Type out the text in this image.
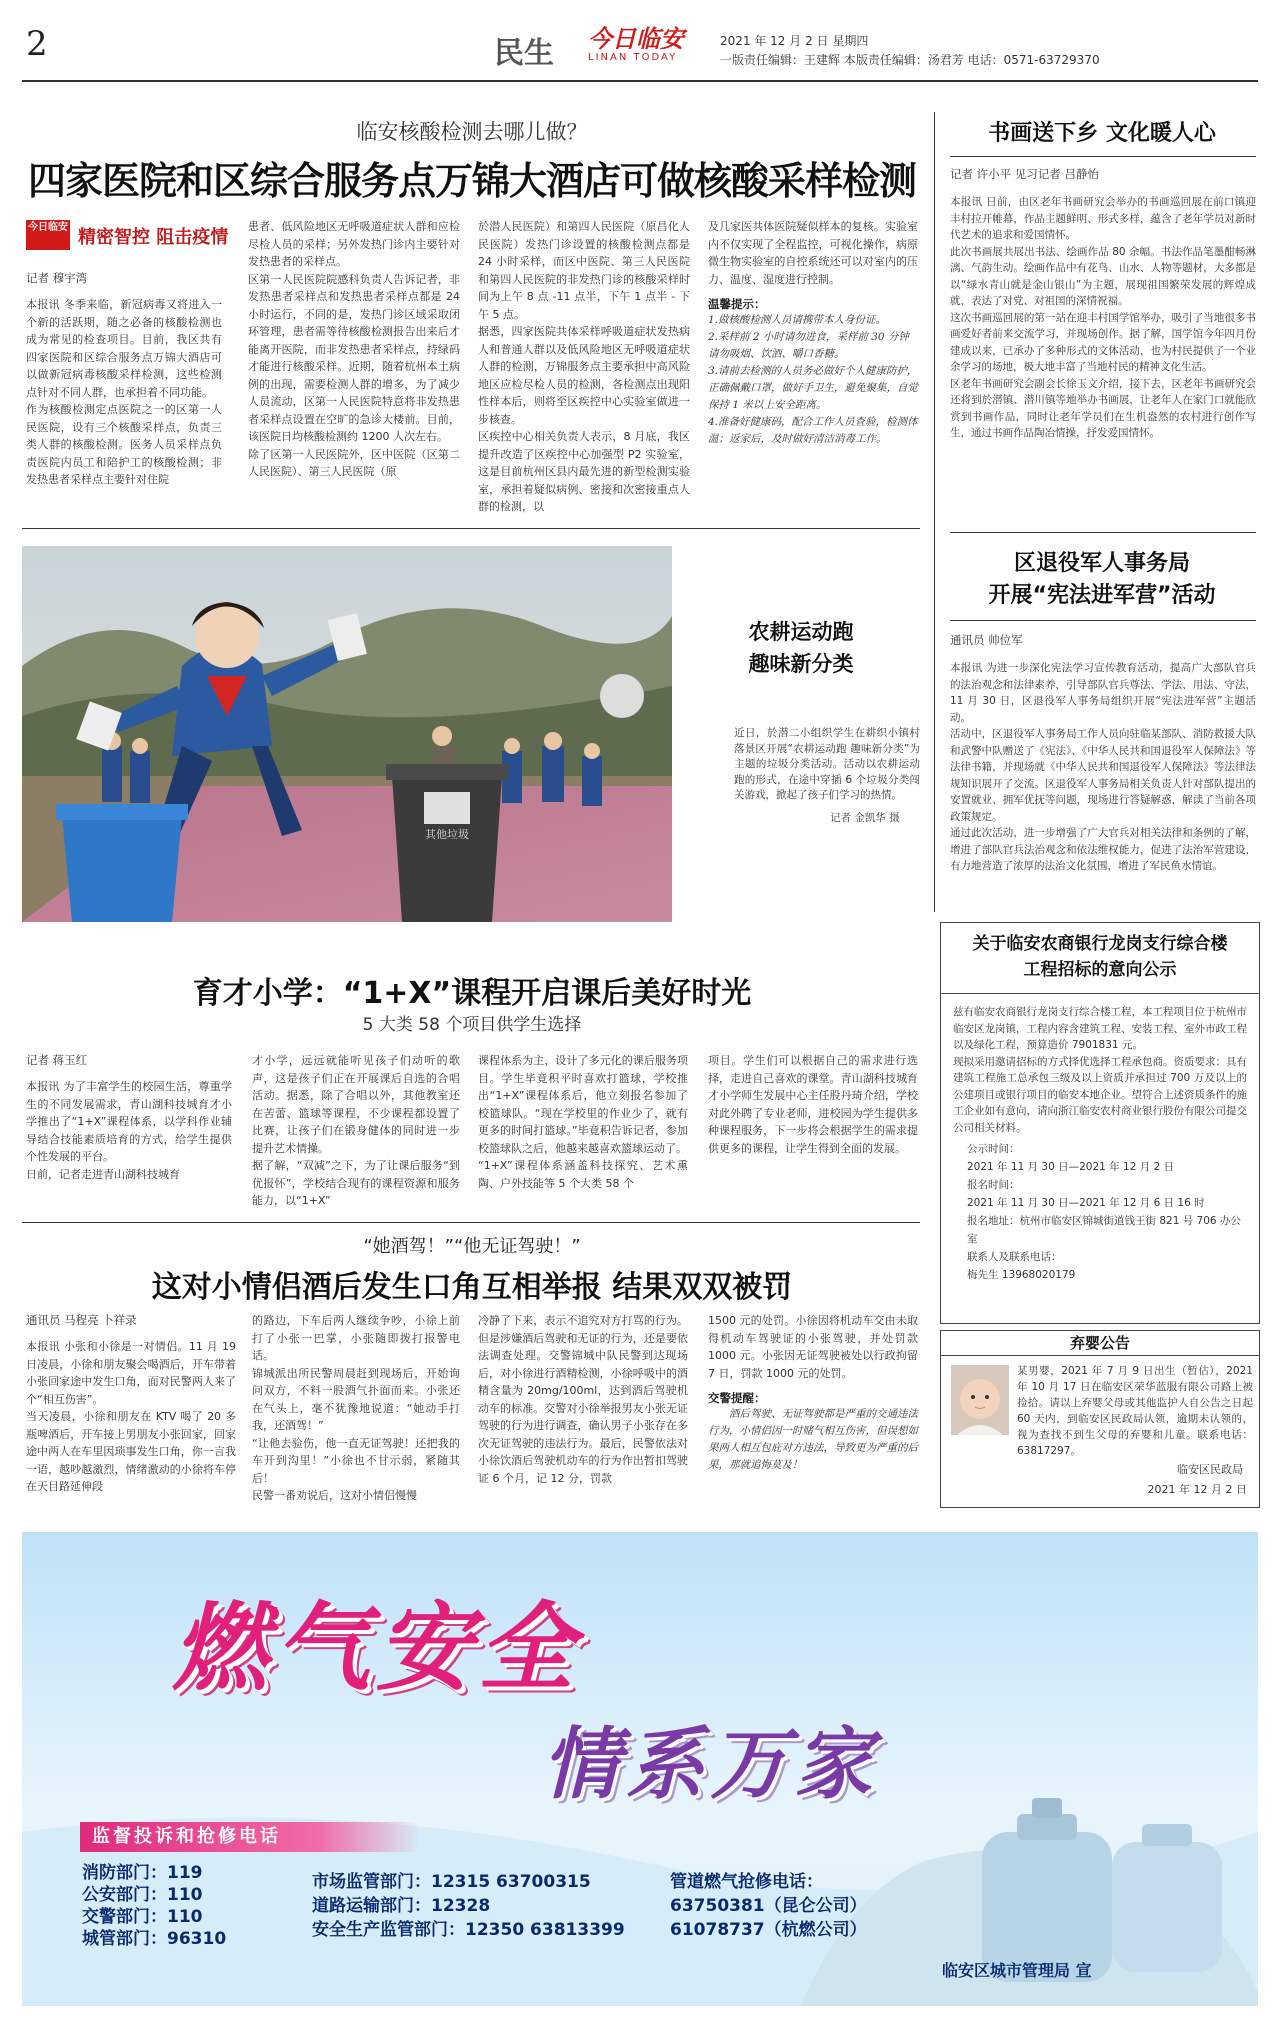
2	民生 今日临安
LINAN TODAY
2021 年 12 月 2 日 星期四
一版责任编辑：王建辉 本版责任编辑：汤君芳 电话：0571-63729370
临安核酸检测去哪儿做？
四家医院和区综合服务点万锦大酒店可做核酸采样检测
今日临安 精密智控 阻击疫情
记者 穆宇湾
本报讯 冬季来临，新冠病毒又将进入一个新的活跃期，随之必备的核酸检测也成为常见的检查项目。目前，我区共有四家医院和区综合服务点万锦大酒店可以做新冠病毒核酸采样检测，这些检测点针对不同人群，也承担着不同功能。
作为核酸检测定点医院之一的区第一人民医院，设有三个核酸采样点，负责三类人群的核酸检测。医务人员采样点负责医院内员工和陪护工的核酸检测；非发热患者采样点主要针对住院
患者、低风险地区无呼吸道症状人群和应检尽检人员的采样；另外发热门诊内主要针对发热患者的采样点。
区第一人民医院院感科负责人告诉记者，非发热患者采样点和发热患者采样点都是 24 小时运行，不同的是，发热门诊区域采取闭环管理，患者需等待核酸检测报告出来后才能离开医院，而非发热患者采样点，持绿码才能进行核酸采样。近期，随着杭州本土病例的出现，需要检测人群的增多，为了减少人员流动，区第一人民医院特意将非发热患者采样点设置在空旷的急诊大楼前。目前，该医院日均核酸检测约 1200 人次左右。
除了区第一人民医院外，区中医院（区第二人民医院）、第三人民医院（原
於潜人民医院）和第四人民医院（原昌化人民医院）发热门诊设置的核酸检测点都是 24 小时采样，而区中医院、第三人民医院和第四人民医院的非发热门诊的核酸采样时间为上午 8 点 -11 点半，下午 1 点半 - 下午 5 点。
据悉，四家医院共体采样呼吸道症状发热病人和普通人群以及低风险地区无呼吸道症状人群的检测，万锦服务点主要承担中高风险地区应检尽检人员的检测，各检测点出现阳性样本后，则将至区疾控中心实验室做进一步核查。
区疾控中心相关负责人表示，8 月底，我区提升改造了区疾控中心加强型 P2 实验室，这是目前杭州区县内最先进的新型检测实验室，承担着疑似病例、密接和次密接重点人群的检测，以
及几家医共体医院疑似样本的复核。实验室内不仅实现了全程监控，可视化操作，病原微生物实验室的自控系统还可以对室内的压力、温度、湿度进行控制。
温馨提示：
1.做核酸检测人员请携带本人身份证。
2.采样前 2 小时请勿进食，采样前 30 分钟请勿吸烟、饮酒、嚼口香糖。
3.请前去检测的人员务必做好个人健康防护，正确佩戴口罩，做好手卫生，避免聚集，自觉保持 1 米以上安全距离。
4.准备好健康码，配合工作人员查验，检测体温；返家后，及时做好清洁消毒工作。
书画送下乡 文化暖人心
记者 许小平 见习记者 吕静怡
本报讯 日前，由区老年书画研究会举办的书画巡回展在前口镇迎丰村拉开帷幕，作品主题鲜明、形式多样，蕴含了老年学员对新时代艺术的追求和爱国情怀。
此次书画展共展出书法、绘画作品 80 余幅。书法作品笔墨酣畅淋漓、气韵生动。绘画作品中有花鸟、山水、人物等题材，大多都是以“绿水青山就是金山银山”为主题，展现祖国繁荣发展的辉煌成就，表达了对党、对祖国的深情祝福。
这次书画巡回展的第一站在迎丰村国学馆举办，吸引了当地很多书画爱好者前来交流学习，并现场创作。据了解，国学馆今年四月份建成以来，已承办了多种形式的文体活动，也为村民提供了一个业余学习的场地，极大地丰富了当地村民的精神文化生活。
区老年书画研究会副会长徐玉文介绍，接下去，区老年书画研究会还将到於潜镇、潜川镇等地举办书画展，让老年人在家门口就能欣赏到书画作品，同时让老年学员们在生机盎然的农村进行创作写生，通过书画作品陶冶情操，抒发爱国情怀。
其他垃圾
农耕运动跑
趣味新分类
近日，於潜二小组织学生在耕织小镇村落景区开展“农耕运动跑 趣味新分类”为主题的垃圾分类活动。活动以农耕运动跑的形式，在途中穿插 6 个垃圾分类闯关游戏，掀起了孩子们学习的热情。
记者 金凯华 摄
区退役军人事务局
开展“宪法进军营”活动
通讯员 帅位军
本报讯 为进一步深化宪法学习宣传教育活动，提高广大部队官兵的法治观念和法律素养，引导部队官兵尊法、学法、用法、守法，11 月 30 日，区退役军人事务局组织开展“宪法进军营”主题活动。
活动中，区退役军人事务局工作人员向驻临某部队、消防救援大队和武警中队赠送了《宪法》、《中华人民共和国退役军人保障法》等法律书籍，并现场就《中华人民共和国退役军人保障法》等法律法规知识展开了交流。区退役军人事务局相关负责人针对部队提出的安置就业、拥军优抚等问题，现场进行答疑解惑，解读了当前各项政策规定。
通过此次活动，进一步增强了广大官兵对相关法律和条例的了解，增进了部队官兵法治观念和依法维权能力，促进了法治军营建设，有力地营造了浓厚的法治文化氛围，增进了军民鱼水情谊。
关于临安农商银行龙岗支行综合楼
工程招标的意向公示
兹有临安农商银行龙岗支行综合楼工程，本工程项目位于杭州市临安区龙岗镇，工程内容含建筑工程、安装工程、室外市政工程以及绿化工程，预算造价 7901831 元。
现拟采用邀请招标的方式择优选择工程承包商。资质要求：具有建筑工程施工总承包三级及以上资质并承担过 700 万及以上的公建项目或银行项目的临安本地企业。望符合上述资质条件的施工企业如有意向，请向浙江临安农村商业银行股份有限公司提交公司相关材料。
公示时间：
2021 年 11 月 30 日—2021 年 12 月 2 日
报名时间：
2021 年 11 月 30 日—2021 年 12 月 6 日 16 时
报名地址：杭州市临安区锦城街道钱王街 821 号 706 办公室
联系人及联系电话：
梅先生 13968020179
弃婴公告
某男婴，2021 年 7 月 9 日出生（暂估），2021 年 10 月 17 日在临安区荣华蓝服有限公司路上被捡拾。请以上弃婴父母或其他监护人自公告之日起 60 天内，到临安区民政局认领，逾期未认领的，视为查找不到生父母的弃婴和儿童。联系电话：63817297。
临安区民政局
2021 年 12 月 2 日
育才小学：“1+X”课程开启课后美好时光
5 大类 58 个项目供学生选择
记者 蒋玉红
本报讯 为了丰富学生的校园生活，尊重学生的不同发展需求，青山湖科技城育才小学推出了“1+X”课程体系，以学科作业辅导结合技能素质培育的方式，给学生提供个性发展的平台。
日前，记者走进青山湖科技城育
才小学，远远就能听见孩子们动听的歌声，这是孩子们正在开展课后自选的合唱活动。据悉，除了合唱以外，其他教室还在苦蕾、篮球等课程，不少课程都设置了比赛，让孩子们在锻身健体的同时进一步提升艺术情操。
据了解，“双减”之下，为了让课后服务“到优报怀”，学校结合现有的课程资源和服务能力，以“1+X”
课程体系为主，设计了多元化的课后服务项目。学生毕竟积平时喜欢打篮球，学校推出“1+X”课程体系后，他立刻报名参加了校篮球队。“现在学校里的作业少了，就有更多的时间打篮球。”毕竟积告诉记者，参加校篮球队之后，他越来越喜欢篮球运动了。
“1+X”课程体系涵盖科技探究、艺术熏陶、户外技能等 5 个大类 58 个
项目。学生们可以根据自己的需求进行选择，走进自己喜欢的课堂。青山湖科技城育才小学师生发展中心主任股丹琦介绍，学校对此外聘了专业老师，进校园为学生提供多种课程服务，下一步将会根据学生的需求提供更多的课程，让学生得到全面的发展。
“她酒驾！”“他无证驾驶！”
这对小情侣酒后发生口角互相举报 结果双双被罚
通讯员 马程亮 卜祥录
本报讯 小张和小徐是一对情侣。11 月 19 日凌晨，小徐和朋友聚会喝酒后，开车带着小张回家途中发生口角，面对民警两人来了个“相互伤害”。
当天凌晨，小徐和朋友在 KTV 喝了 20 多瓶啤酒后，开车接上男朋友小张回家，回家途中两人在车里因琐事发生口角，你一言我一语，越吵越激烈，情绪激动的小徐将车停在天目路延伸段
的路边，下车后两人继续争吵，小徐上前打了小张一巴掌，小张随即拨打报警电话。
锦城派出所民警周晨赶到现场后，开始询问双方，不料一股酒气扑面而来。小张还在气头上，毫不犹豫地说道：“她动手打我，还酒驾！”
“让他去验伤，他一直无证驾驶！还把我的车开到沟里！”小徐也不甘示弱，紧随其后！
民警一番劝说后，这对小情侣慢慢
冷静了下来，表示不追究对方打骂的行为。但是涉嫌酒后驾驶和无证的行为，还是要依法调查处理。交警锦城中队民警到达现场后，对小徐进行酒精检测，小徐呼吸中的酒精含量为 20mg/100ml，达到酒后驾驶机动车的标准。交警对小徐举报男友小张无证驾驶的行为进行调查，确认男子小张存在多次无证驾驶的违法行为。最后，民警依法对小徐饮酒后驾驶机动车的行为作出暂扣驾驶证 6 个月，记 12 分，罚款
1500 元的处罚。小徐因将机动车交由未取得机动车驾驶证的小张驾驶，并处罚款 1000 元。小张因无证驾驶被处以行政拘留 7 日，罚款 1000 元的处罚。
交警提醒：
酒后驾驶、无证驾驶都是严重的交通违法行为，小情侣因一时赌气相互伤害，但误想如果两人相互包庇对方违法，导致更为严重的后果，那就追悔莫及！
燃气安全
情系万家
监督投诉和抢修电话
消防部门：119
公安部门：110
交警部门：110
城管部门：96310
市场监管部门：12315 63700315
道路运输部门：12328
安全生产监管部门：12350 63813399
管道燃气抢修电话：
63750381（昆仑公司）
61078737（杭燃公司）
临安区城市管理局 宣
